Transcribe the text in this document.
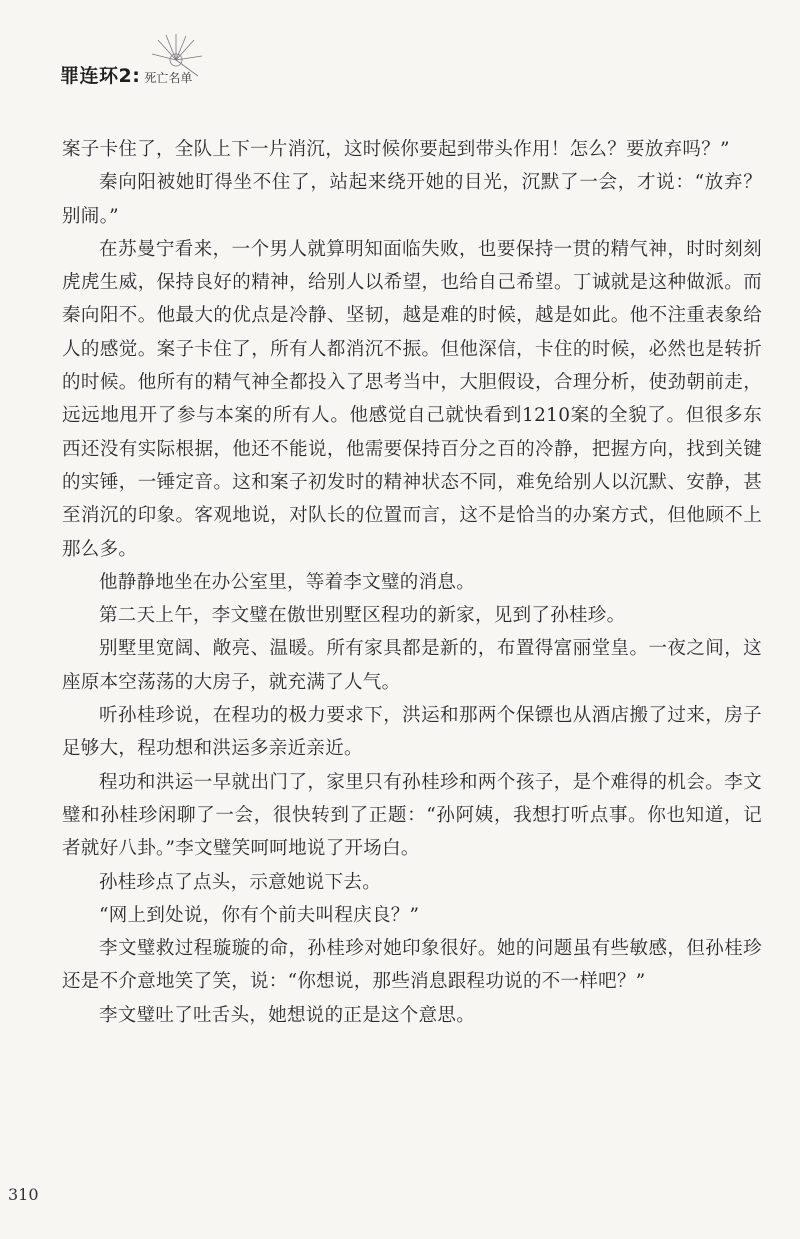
罪连环2: 死亡名单

案子卡住了，全队上下一片消沉，这时候你要起到带头作用！怎么？要放弃吗？”

秦向阳被她盯得坐不住了，站起来绕开她的目光，沉默了一会，才说：“放弃？别闹。”

在苏曼宁看来，一个男人就算明知面临失败，也要保持一贯的精气神，时时刻刻虎虎生威，保持良好的精神，给别人以希望，也给自己希望。丁诚就是这种做派。而秦向阳不。他最大的优点是冷静、坚韧，越是难的时候，越是如此。他不注重表象给人的感觉。案子卡住了，所有人都消沉不振。但他深信，卡住的时候，必然也是转折的时候。他所有的精气神全都投入了思考当中，大胆假设，合理分析，使劲朝前走，远远地甩开了参与本案的所有人。他感觉自己就快看到1210案的全貌了。但很多东西还没有实际根据，他还不能说，他需要保持百分之百的冷静，把握方向，找到关键的实锤，一锤定音。这和案子初发时的精神状态不同，难免给别人以沉默、安静，甚至消沉的印象。客观地说，对队长的位置而言，这不是恰当的办案方式，但他顾不上那么多。

他静静地坐在办公室里，等着李文璧的消息。

第二天上午，李文璧在傲世别墅区程功的新家，见到了孙桂珍。

别墅里宽阔、敞亮、温暖。所有家具都是新的，布置得富丽堂皇。一夜之间，这座原本空荡荡的大房子，就充满了人气。

听孙桂珍说，在程功的极力要求下，洪运和那两个保镖也从酒店搬了过来，房子足够大，程功想和洪运多亲近亲近。

程功和洪运一早就出门了，家里只有孙桂珍和两个孩子，是个难得的机会。李文璧和孙桂珍闲聊了一会，很快转到了正题：“孙阿姨，我想打听点事。你也知道，记者就好八卦。”李文璧笑呵呵地说了开场白。

孙桂珍点了点头，示意她说下去。

“网上到处说，你有个前夫叫程庆良？”

李文璧救过程璇璇的命，孙桂珍对她印象很好。她的问题虽有些敏感，但孙桂珍还是不介意地笑了笑，说：“你想说，那些消息跟程功说的不一样吧？”

李文璧吐了吐舌头，她想说的正是这个意思。

310
